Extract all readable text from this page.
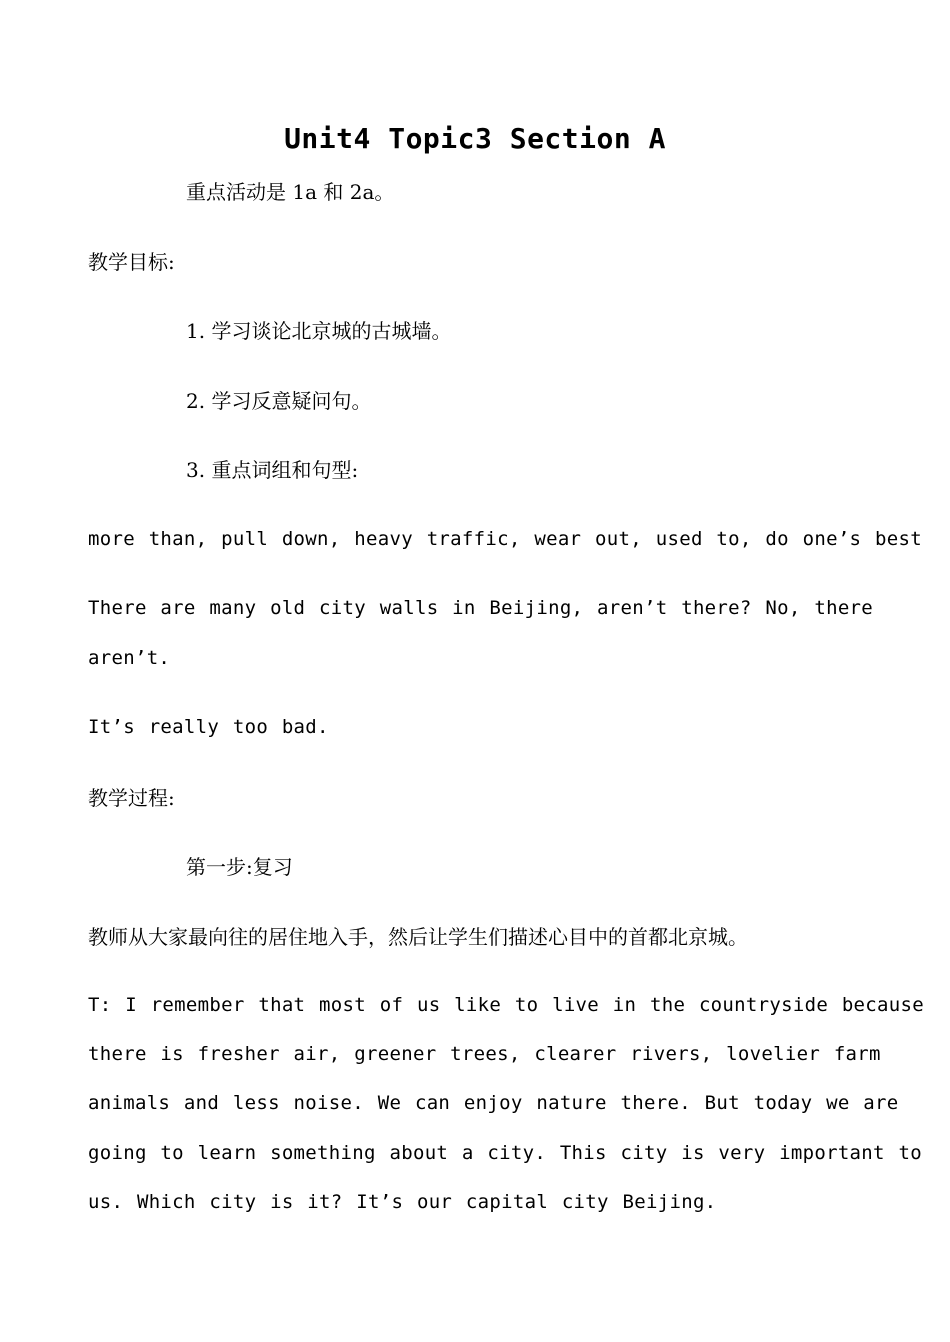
Unit4 Topic3 Section A
重点活动是 1a 和 2a。
教学目标:
1. 学习谈论北京城的古城墙。
2. 学习反意疑问句。
3. 重点词组和句型:
more than, pull down, heavy traffic, wear out, used to, do one’s best
There are many old city walls in Beijing, aren’t there? No, there
aren’t.
It’s really too bad.
教学过程:
第一步:复习
教师从大家最向往的居住地入手，然后让学生们描述心目中的首都北京城。
T: I remember that most of us like to live in the countryside because
there is fresher air, greener trees, clearer rivers, lovelier farm
animals and less noise. We can enjoy nature there. But today we are
going to learn something about a city. This city is very important to
us. Which city is it? It’s our capital city Beijing.
